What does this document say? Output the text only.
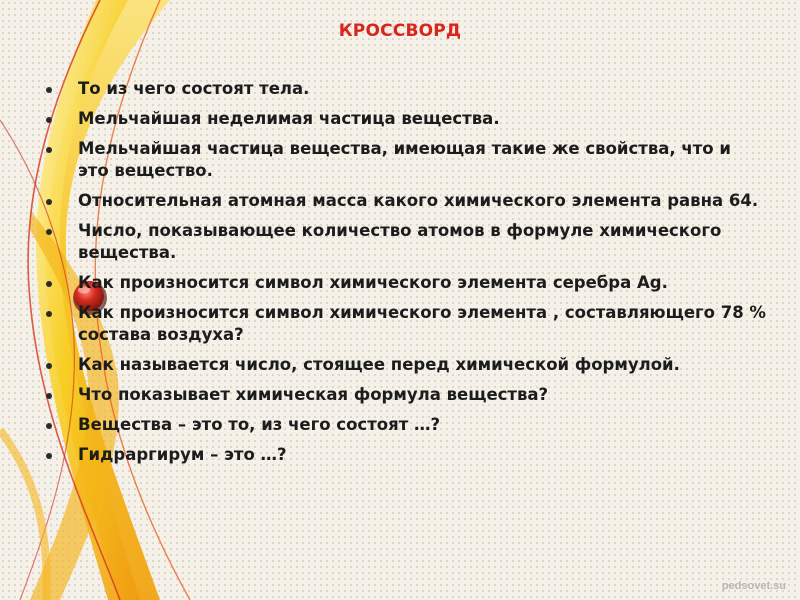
КРОССВОРД
То из чего состоят тела.
Мельчайшая неделимая частица вещества.
Мельчайшая частица вещества, имеющая такие же свойства, что и это вещество.
Относительная атомная масса какого химического элемента равна 64.
Число, показывающее количество атомов в формуле химического вещества.
Как произносится символ химического элемента серебра Ag.
Как произносится символ химического элемента , составляющего 78 % состава воздуха?
Как называется число, стоящее перед химической формулой.
Что показывает химическая формула вещества?
Вещества – это то, из чего состоят …?
Гидраргирум – это …?
pedsovet.su
